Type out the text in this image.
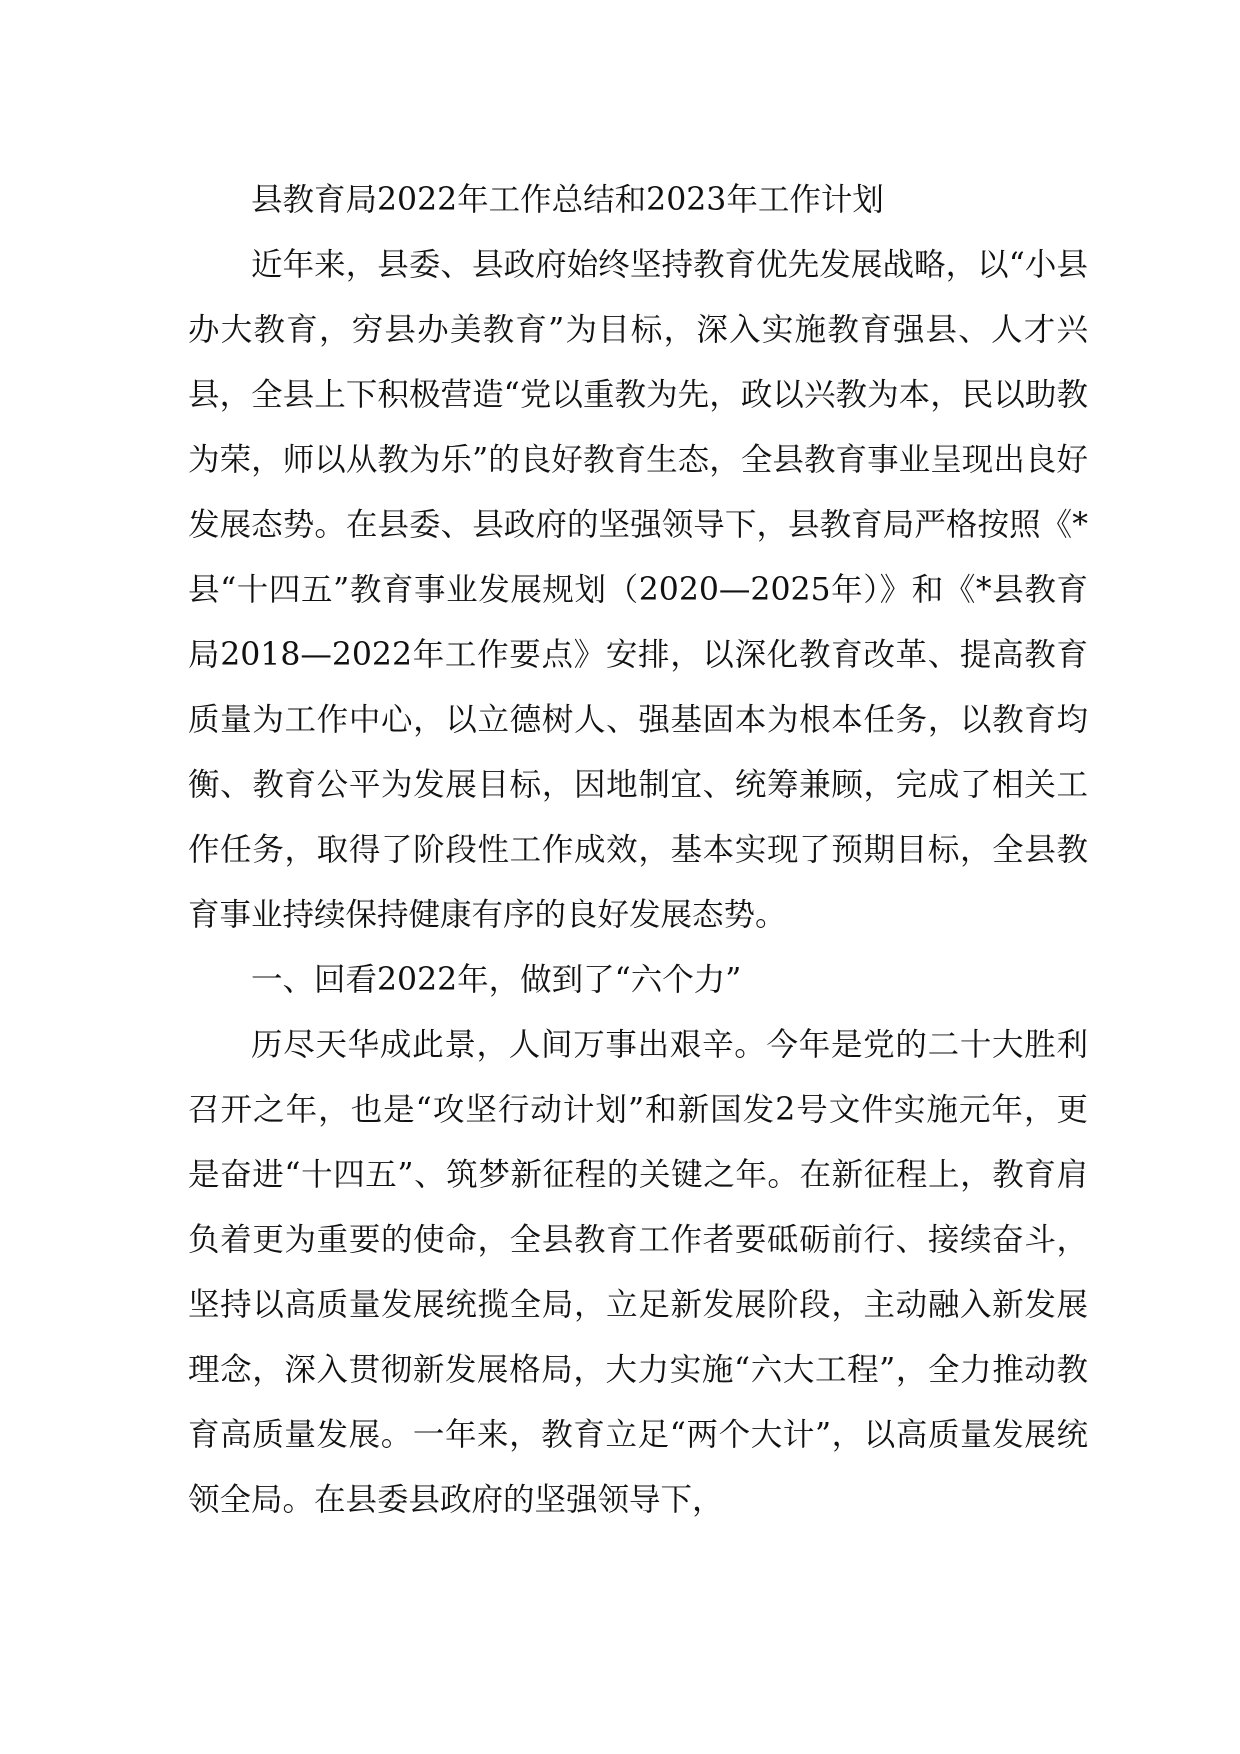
县教育局2022年工作总结和2023年工作计划

近年来，县委、县政府始终坚持教育优先发展战略，以“小县办大教育，穷县办美教育”为目标，深入实施教育强县、人才兴县，全县上下积极营造“党以重教为先，政以兴教为本，民以助教为荣，师以从教为乐”的良好教育生态，全县教育事业呈现出良好发展态势。在县委、县政府的坚强领导下，县教育局严格按照《*县“十四五”教育事业发展规划（2020—2025年）》和《*县教育局2018—2022年工作要点》安排，以深化教育改革、提高教育质量为工作中心，以立德树人、强基固本为根本任务，以教育均衡、教育公平为发展目标，因地制宜、统筹兼顾，完成了相关工作任务，取得了阶段性工作成效，基本实现了预期目标，全县教育事业持续保持健康有序的良好发展态势。

一、回看2022年，做到了“六个力”

历尽天华成此景，人间万事出艰辛。今年是党的二十大胜利召开之年，也是“攻坚行动计划”和新国发2号文件实施元年，更是奋进“十四五”、筑梦新征程的关键之年。在新征程上，教育肩负着更为重要的使命，全县教育工作者要砥砺前行、接续奋斗，坚持以高质量发展统揽全局，立足新发展阶段，主动融入新发展理念，深入贯彻新发展格局，大力实施“六大工程”，全力推动教育高质量发展。一年来，教育立足“两个大计”，以高质量发展统领全局。在县委县政府的坚强领导下，
